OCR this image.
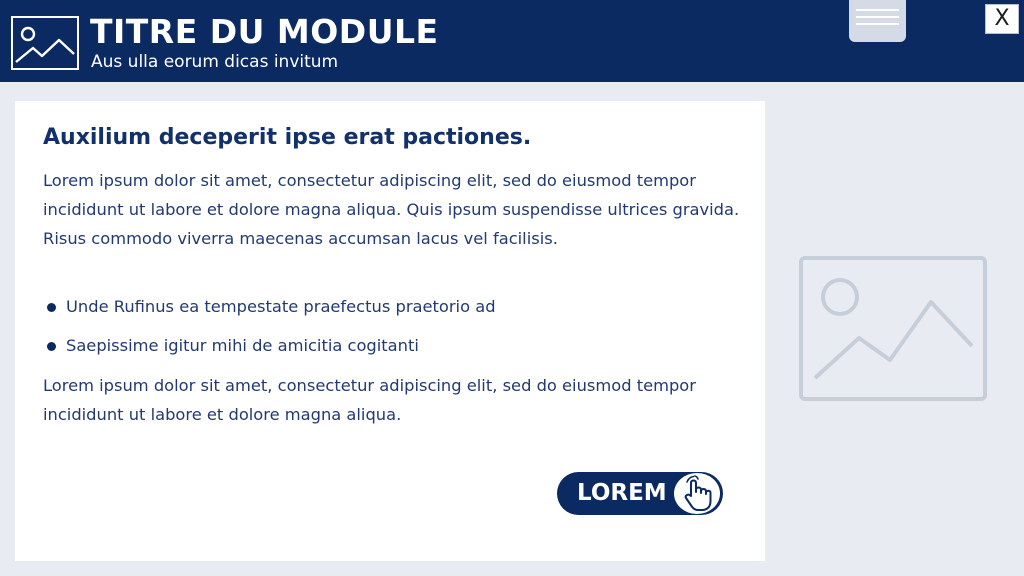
TITRE DU MODULE
Aus ulla eorum dicas invitum
X
Auxilium deceperit ipse erat pactiones.
Lorem ipsum dolor sit amet, consectetur adipiscing elit, sed do eiusmod tempor incididunt ut labore et dolore magna aliqua. Quis ipsum suspendisse ultrices gravida. Risus commodo viverra maecenas accumsan lacus vel facilisis.
Unde Rufinus ea tempestate praefectus praetorio ad
Saepissime igitur mihi de amicitia cogitanti
Lorem ipsum dolor sit amet, consectetur adipiscing elit, sed do eiusmod tempor incididunt ut labore et dolore magna aliqua.
LOREM
